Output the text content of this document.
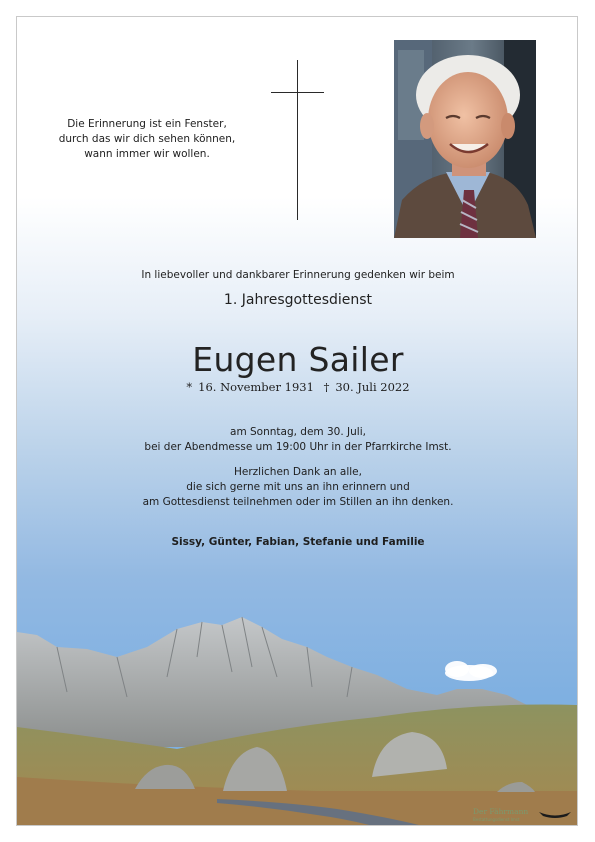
Die Erinnerung ist ein Fenster,
durch das wir dich sehen können,
wann immer wir wollen.
In liebevoller und dankbarer Erinnerung gedenken wir beim
1. Jahresgottesdienst
Eugen Sailer
* 16. November 1931 † 30. Juli 2022
am Sonntag, dem 30. Juli,
bei der Abendmesse um 19:00 Uhr in der Pfarrkirche Imst.
Herzlichen Dank an alle,
die sich gerne mit uns an ihn erinnern und
am Gottesdienst teilnehmen oder im Stillen an ihn denken.
Sissy, Günter, Fabian, Stefanie und Familie
Der Fährmann
Bestattungsdienst Imst
